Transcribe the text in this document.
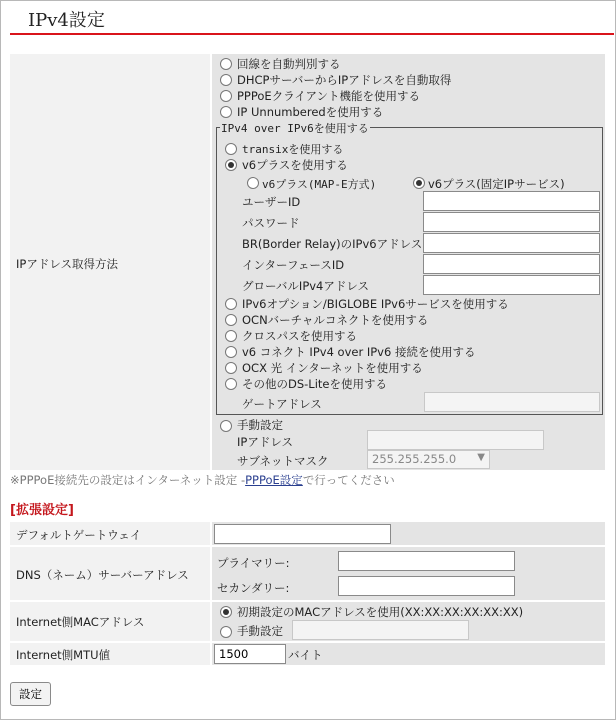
IPv4設定
IPアドレス取得方法
回線を自動判別する
DHCPサーバーからIPアドレスを自動取得
PPPoEクライアント機能を使用する
IP Unnumberedを使用する
IPv4 over IPv6を使用する
transixを使用する
v6プラスを使用する
v6プラス(MAP-E方式)	v6プラス(固定IPサービス)
ユーザーID
パスワード
BR(Border Relay)のIPv6アドレス
インターフェースID
グローバルIPv4アドレス
IPv6オプション/BIGLOBE IPv6サービスを使用する
OCNバーチャルコネクトを使用する
クロスパスを使用する
v6 コネクト IPv4 over IPv6 接続を使用する
OCX 光 インターネットを使用する
その他のDS-Liteを使用する
ゲートアドレス
手動設定
IPアドレス
サブネットマスク	255.255.255.0 ▼
※PPPoE接続先の設定はインターネット設定 -PPPoE設定で行ってください
[拡張設定]
デフォルトゲートウェイ
DNS（ネーム）サーバーアドレス
プライマリー:
セカンダリー:
Internet側MACアドレス
初期設定のMACアドレスを使用(XX:XX:XX:XX:XX:XX)
手動設定
Internet側MTU値
1500	バイト
設定
